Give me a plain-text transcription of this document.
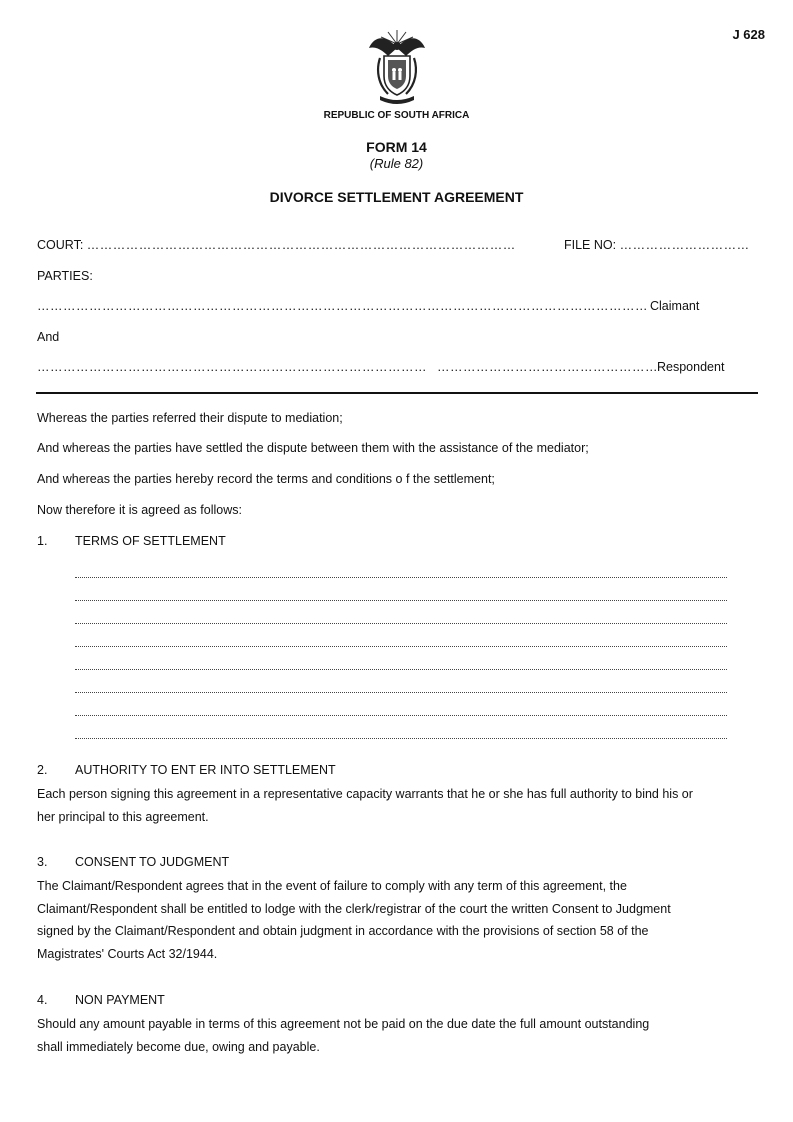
J 628
REPUBLIC OF SOUTH AFRICA
FORM 14
(Rule 82)
DIVORCE SETTLEMENT AGREEMENT
COURT: ………………………………………………………………………………………	FILE NO: …………………………
PARTIES:
…………………………………………………………………………………………………………………………… Claimant
And
……………………………………………………………………………… …………………………………………… Respondent
Whereas the parties referred their dispute to mediation;
And whereas the parties have settled the dispute between them with the assistance of the mediator;
And whereas the parties hereby record the terms and conditions o f the settlement;
Now therefore it is agreed as follows:
1. TERMS OF SETTLEMENT
2. AUTHORITY TO ENT ER INTO SETTLEMENT
Each person signing this agreement in a representative capacity warrants that he or she has full authority to bind his or
her principal to this agreement.
3. CONSENT TO JUDGMENT
The Claimant/Respondent agrees that in the event of failure to comply with any term of this agreement, the
Claimant/Respondent shall be entitled to lodge with the clerk/registrar of the court the written Consent to Judgment
signed by the Claimant/Respondent and obtain judgment in accordance with the provisions of section 58 of the
Magistrates' Courts Act 32/1944.
4. NON PAYMENT
Should any amount payable in terms of this agreement not be paid on the due date the full amount outstanding
shall immediately become due, owing and payable.
